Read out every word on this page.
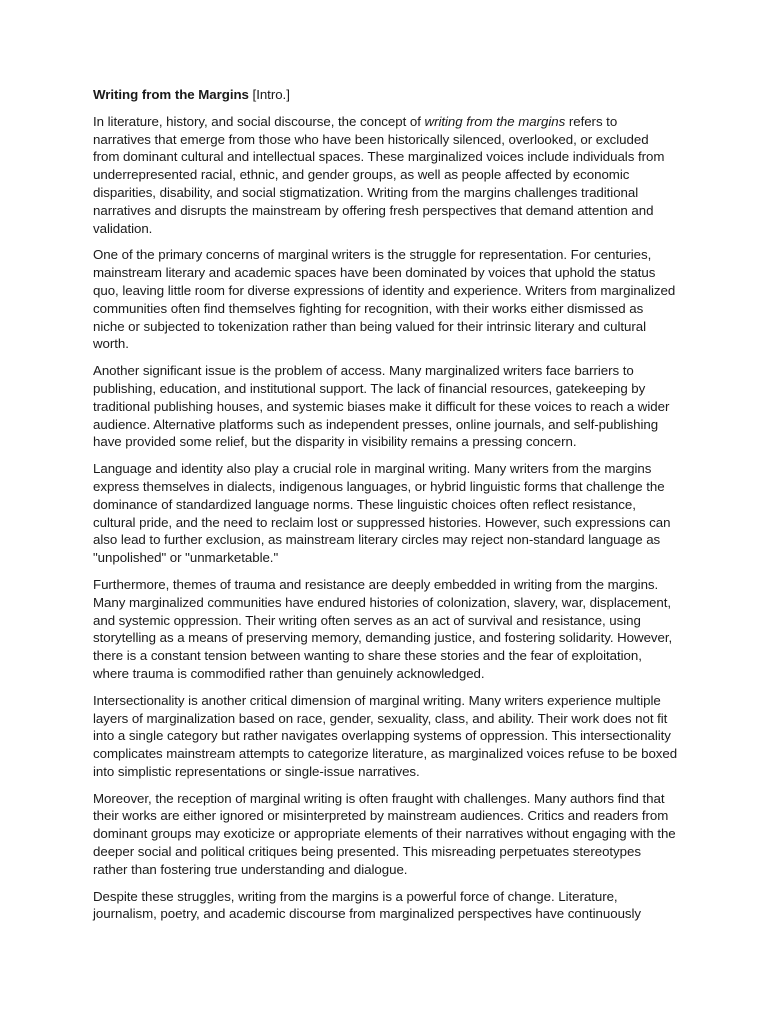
Writing from the Margins [Intro.]

In literature, history, and social discourse, the concept of writing from the margins refers to narratives that emerge from those who have been historically silenced, overlooked, or excluded from dominant cultural and intellectual spaces. These marginalized voices include individuals from underrepresented racial, ethnic, and gender groups, as well as people affected by economic disparities, disability, and social stigmatization. Writing from the margins challenges traditional narratives and disrupts the mainstream by offering fresh perspectives that demand attention and validation.

One of the primary concerns of marginal writers is the struggle for representation. For centuries, mainstream literary and academic spaces have been dominated by voices that uphold the status quo, leaving little room for diverse expressions of identity and experience. Writers from marginalized communities often find themselves fighting for recognition, with their works either dismissed as niche or subjected to tokenization rather than being valued for their intrinsic literary and cultural worth.

Another significant issue is the problem of access. Many marginalized writers face barriers to publishing, education, and institutional support. The lack of financial resources, gatekeeping by traditional publishing houses, and systemic biases make it difficult for these voices to reach a wider audience. Alternative platforms such as independent presses, online journals, and self-publishing have provided some relief, but the disparity in visibility remains a pressing concern.

Language and identity also play a crucial role in marginal writing. Many writers from the margins express themselves in dialects, indigenous languages, or hybrid linguistic forms that challenge the dominance of standardized language norms. These linguistic choices often reflect resistance, cultural pride, and the need to reclaim lost or suppressed histories. However, such expressions can also lead to further exclusion, as mainstream literary circles may reject non-standard language as "unpolished" or "unmarketable."

Furthermore, themes of trauma and resistance are deeply embedded in writing from the margins. Many marginalized communities have endured histories of colonization, slavery, war, displacement, and systemic oppression. Their writing often serves as an act of survival and resistance, using storytelling as a means of preserving memory, demanding justice, and fostering solidarity. However, there is a constant tension between wanting to share these stories and the fear of exploitation, where trauma is commodified rather than genuinely acknowledged.

Intersectionality is another critical dimension of marginal writing. Many writers experience multiple layers of marginalization based on race, gender, sexuality, class, and ability. Their work does not fit into a single category but rather navigates overlapping systems of oppression. This intersectionality complicates mainstream attempts to categorize literature, as marginalized voices refuse to be boxed into simplistic representations or single-issue narratives.

Moreover, the reception of marginal writing is often fraught with challenges. Many authors find that their works are either ignored or misinterpreted by mainstream audiences. Critics and readers from dominant groups may exoticize or appropriate elements of their narratives without engaging with the deeper social and political critiques being presented. This misreading perpetuates stereotypes rather than fostering true understanding and dialogue.

Despite these struggles, writing from the margins is a powerful force of change. Literature, journalism, poetry, and academic discourse from marginalized perspectives have continuously
